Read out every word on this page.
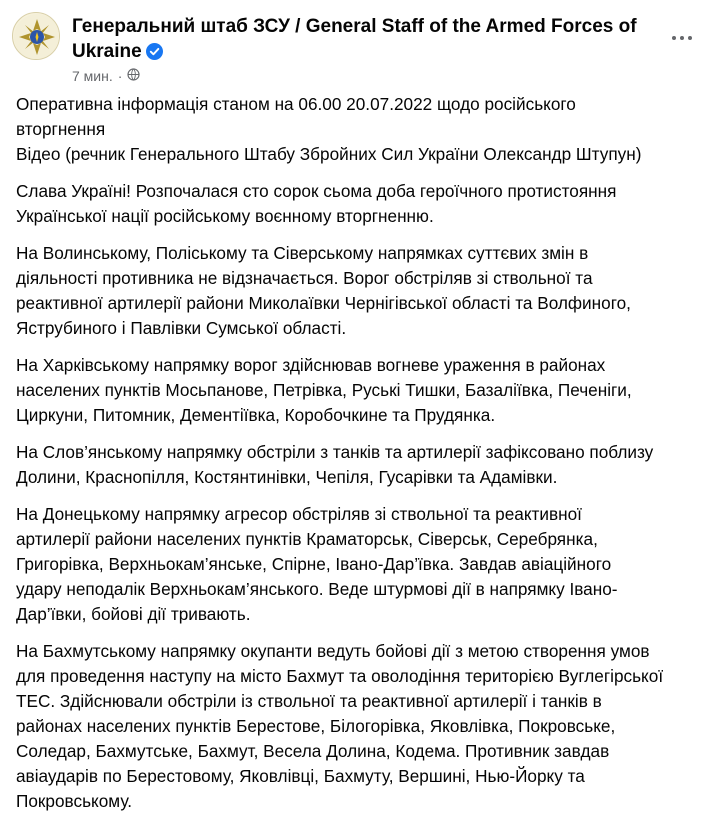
Генеральний штаб ЗСУ / General Staff of the Armed Forces of Ukraine
7 мин. ·

Оперативна інформація станом на 06.00 20.07.2022 щодо російського
вторгнення
Відео (речник Генерального Штабу Збройних Сил України Олександр Штупун)

Слава Україні! Розпочалася сто сорок сьома доба героїчного протистояння
Української нації російському воєнному вторгненню.

На Волинському, Поліському та Сіверському напрямках суттєвих змін в
діяльності противника не відзначається. Ворог обстріляв зі ствольної та
реактивної артилерії райони Миколаївки Чернігівської області та Волфиного,
Яструбиного і Павлівки Сумської області.

На Харківському напрямку ворог здійснював вогневе ураження в районах
населених пунктів Мосьпанове, Петрівка, Руські Тишки, Базаліївка, Печеніги,
Циркуни, Питомник, Дементіївка, Коробочкине та Прудянка.

На Слов’янському напрямку обстріли з танків та артилерії зафіксовано поблизу
Долини, Краснопілля, Костянтинівки, Чепіля, Гусарівки та Адамівки.

На Донецькому напрямку агресор обстріляв зі ствольної та реактивної
артилерії райони населених пунктів Краматорськ, Сіверськ, Серебрянка,
Григорівка, Верхньокам’янське, Спірне, Івано-Дар’ївка. Завдав авіаційного
удару неподалік Верхньокам’янського. Веде штурмові дії в напрямку Івано-
Дар’ївки, бойові дії тривають.

На Бахмутському напрямку окупанти ведуть бойові дії з метою створення умов
для проведення наступу на місто Бахмут та оволодіння територією Вуглегірської
ТЕС. Здійснювали обстріли із ствольної та реактивної артилерії і танків в
районах населених пунктів Берестове, Білогорівка, Яковлівка, Покровське,
Соледар, Бахмутське, Бахмут, Весела Долина, Кодема. Противник завдав
авіаударів по Берестовому, Яковлівці, Бахмуту, Вершині, Нью-Йорку та
Покровському.
